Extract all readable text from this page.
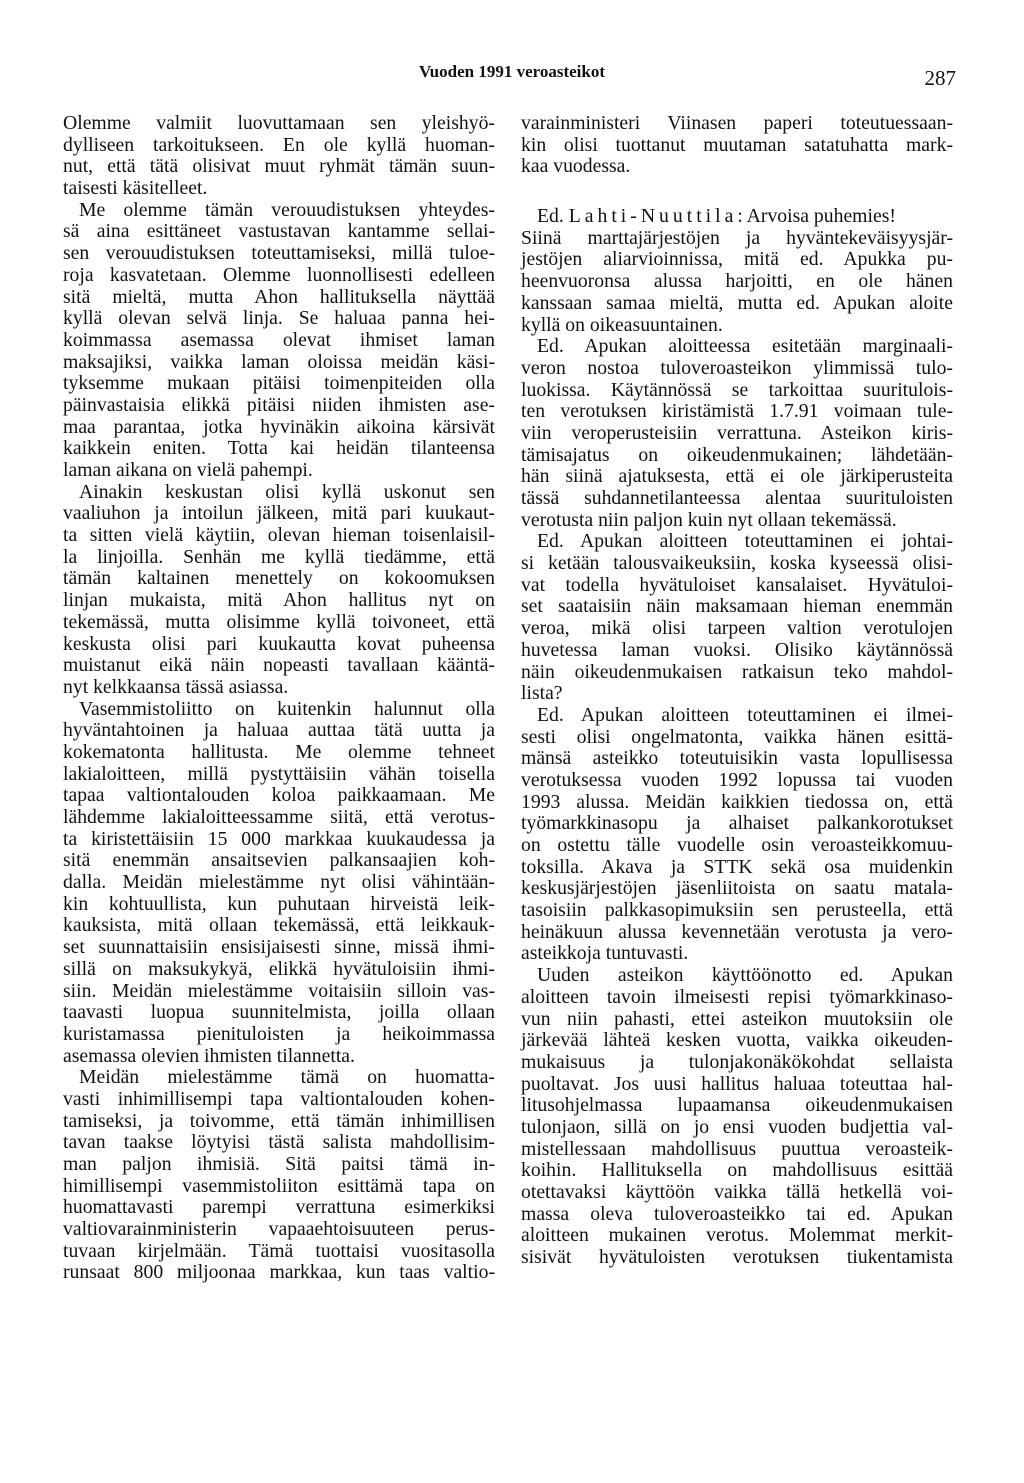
Vuoden 1991 veroasteikot	287
Olemme valmiit luovuttamaan sen yleishyö-
dylliseen tarkoitukseen. En ole kyllä huoman-
nut, että tätä olisivat muut ryhmät tämän suun-
taisesti käsitelleet.
Me olemme tämän verouudistuksen yhteydes-
sä aina esittäneet vastustavan kantamme sellai-
sen verouudistuksen toteuttamiseksi, millä tuloe-
roja kasvatetaan. Olemme luonnollisesti edelleen
sitä mieltä, mutta Ahon hallituksella näyttää
kyllä olevan selvä linja. Se haluaa panna hei-
koimmassa asemassa olevat ihmiset laman
maksajiksi, vaikka laman oloissa meidän käsi-
tyksemme mukaan pitäisi toimenpiteiden olla
päinvastaisia elikkä pitäisi niiden ihmisten ase-
maa parantaa, jotka hyvinäkin aikoina kärsivät
kaikkein eniten. Totta kai heidän tilanteensa
laman aikana on vielä pahempi.
Ainakin keskustan olisi kyllä uskonut sen
vaaliuhon ja intoilun jälkeen, mitä pari kuukaut-
ta sitten vielä käytiin, olevan hieman toisenlaisil-
la linjoilla. Senhän me kyllä tiedämme, että
tämän kaltainen menettely on kokoomuksen
linjan mukaista, mitä Ahon hallitus nyt on
tekemässä, mutta olisimme kyllä toivoneet, että
keskusta olisi pari kuukautta kovat puheensa
muistanut eikä näin nopeasti tavallaan kääntä-
nyt kelkkaansa tässä asiassa.
Vasemmistoliitto on kuitenkin halunnut olla
hyväntahtoinen ja haluaa auttaa tätä uutta ja
kokematonta hallitusta. Me olemme tehneet
lakialoitteen, millä pystyttäisiin vähän toisella
tapaa valtiontalouden koloa paikkaamaan. Me
lähdemme lakialoitteessamme siitä, että verotus-
ta kiristettäisiin 15 000 markkaa kuukaudessa ja
sitä enemmän ansaitsevien palkansaajien koh-
dalla. Meidän mielestämme nyt olisi vähintään-
kin kohtuullista, kun puhutaan hirveistä leik-
kauksista, mitä ollaan tekemässä, että leikkauk-
set suunnattaisiin ensisijaisesti sinne, missä ihmi-
sillä on maksukykyä, elikkä hyvätuloisiin ihmi-
siin. Meidän mielestämme voitaisiin silloin vas-
taavasti luopua suunnitelmista, joilla ollaan
kuristamassa pienituloisten ja heikoimmassa
asemassa olevien ihmisten tilannetta.
Meidän mielestämme tämä on huomatta-
vasti inhimillisempi tapa valtiontalouden kohen-
tamiseksi, ja toivomme, että tämän inhimillisen
tavan taakse löytyisi tästä salista mahdollisim-
man paljon ihmisiä. Sitä paitsi tämä in-
himillisempi vasemmistoliiton esittämä tapa on
huomattavasti parempi verrattuna esimerkiksi
valtiovarainministerin vapaaehtoisuuteen perus-
tuvaan kirjelmään. Tämä tuottaisi vuositasolla
runsaat 800 miljoonaa markkaa, kun taas valtio-
varainministeri Viinasen paperi toteutuessaan-
kin olisi tuottanut muutaman satatuhatta mark-
kaa vuodessa.
Ed. Lahti-Nuuttila: Arvoisa puhemies!
Siinä marttajärjestöjen ja hyväntekeväisyysjär-
jestöjen aliarvioinnissa, mitä ed. Apukka pu-
heenvuoronsa alussa harjoitti, en ole hänen
kanssaan samaa mieltä, mutta ed. Apukan aloite
kyllä on oikeasuuntainen.
Ed. Apukan aloitteessa esitetään marginaali-
veron nostoa tuloveroasteikon ylimmissä tulo-
luokissa. Käytännössä se tarkoittaa suuritulois-
ten verotuksen kiristämistä 1.7.91 voimaan tule-
viin veroperusteisiin verrattuna. Asteikon kiris-
tämisajatus on oikeudenmukainen; lähdetään-
hän siinä ajatuksesta, että ei ole järkiperusteita
tässä suhdannetilanteessa alentaa suurituloisten
verotusta niin paljon kuin nyt ollaan tekemässä.
Ed. Apukan aloitteen toteuttaminen ei johtai-
si ketään talousvaikeuksiin, koska kyseessä olisi-
vat todella hyvätuloiset kansalaiset. Hyvätuloi-
set saataisiin näin maksamaan hieman enemmän
veroa, mikä olisi tarpeen valtion verotulojen
huvetessa laman vuoksi. Olisiko käytännössä
näin oikeudenmukaisen ratkaisun teko mahdol-
lista?
Ed. Apukan aloitteen toteuttaminen ei ilmei-
sesti olisi ongelmatonta, vaikka hänen esittä-
mänsä asteikko toteutuisikin vasta lopullisessa
verotuksessa vuoden 1992 lopussa tai vuoden
1993 alussa. Meidän kaikkien tiedossa on, että
työmarkkinasopu ja alhaiset palkankorotukset
on ostettu tälle vuodelle osin veroasteikkomuu-
toksilla. Akava ja STTK sekä osa muidenkin
keskusjärjestöjen jäsenliitoista on saatu matala-
tasoisiin palkkasopimuksiin sen perusteella, että
heinäkuun alussa kevennetään verotusta ja vero-
asteikkoja tuntuvasti.
Uuden asteikon käyttöönotto ed. Apukan
aloitteen tavoin ilmeisesti repisi työmarkkinaso-
vun niin pahasti, ettei asteikon muutoksiin ole
järkevää lähteä kesken vuotta, vaikka oikeuden-
mukaisuus ja tulonjakonäkökohdat sellaista
puoltavat. Jos uusi hallitus haluaa toteuttaa hal-
litusohjelmassa lupaamansa oikeudenmukaisen
tulonjaon, sillä on jo ensi vuoden budjettia val-
mistellessaan mahdollisuus puuttua veroasteik-
koihin. Hallituksella on mahdollisuus esittää
otettavaksi käyttöön vaikka tällä hetkellä voi-
massa oleva tuloveroasteikko tai ed. Apukan
aloitteen mukainen verotus. Molemmat merkit-
sisivät hyvätuloisten verotuksen tiukentamista
